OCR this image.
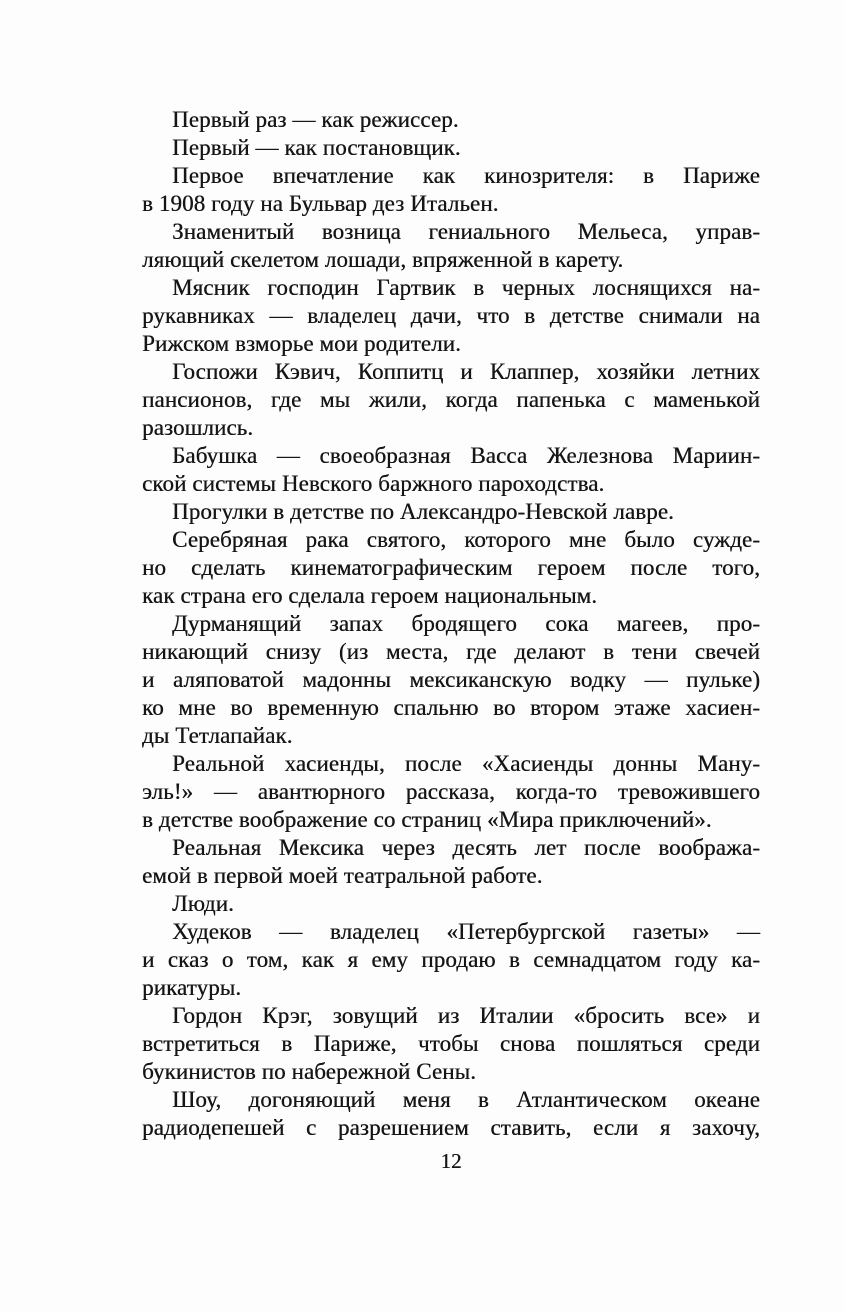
Первый раз — как режиссер.
Первый — как постановщик.
Первое впечатление как кинозрителя: в Париже
в 1908 году на Бульвар дез Итальен.
Знаменитый возница гениального Мельеса, управ-
ляющий скелетом лошади, впряженной в карету.
Мясник господин Гартвик в черных лоснящихся на-
рукавниках — владелец дачи, что в детстве снимали на
Рижском взморье мои родители.
Госпожи Кэвич, Коппитц и Клаппер, хозяйки летних
пансионов, где мы жили, когда папенька с маменькой
разошлись.
Бабушка — своеобразная Васса Железнова Мариин-
ской системы Невского баржного пароходства.
Прогулки в детстве по Александро-Невской лавре.
Серебряная рака святого, которого мне было сужде-
но сделать кинематографическим героем после того,
как страна его сделала героем национальным.
Дурманящий запах бродящего сока магеев, про-
никающий снизу (из места, где делают в тени свечей
и аляповатой мадонны мексиканскую водку — пульке)
ко мне во временную спальню во втором этаже хасиен-
ды Тетлапайак.
Реальной хасиенды, после «Хасиенды донны Ману-
эль!» — авантюрного рассказа, когда-то тревожившего
в детстве воображение со страниц «Мира приключений».
Реальная Мексика через десять лет после вообража-
емой в первой моей театральной работе.
Люди.
Худеков — владелец «Петербургской газеты» —
и сказ о том, как я ему продаю в семнадцатом году ка-
рикатуры.
Гордон Крэг, зовущий из Италии «бросить все» и
встретиться в Париже, чтобы снова пошляться среди
букинистов по набережной Сены.
Шоу, догоняющий меня в Атлантическом океане
радиодепешей с разрешением ставить, если я захочу,
12
